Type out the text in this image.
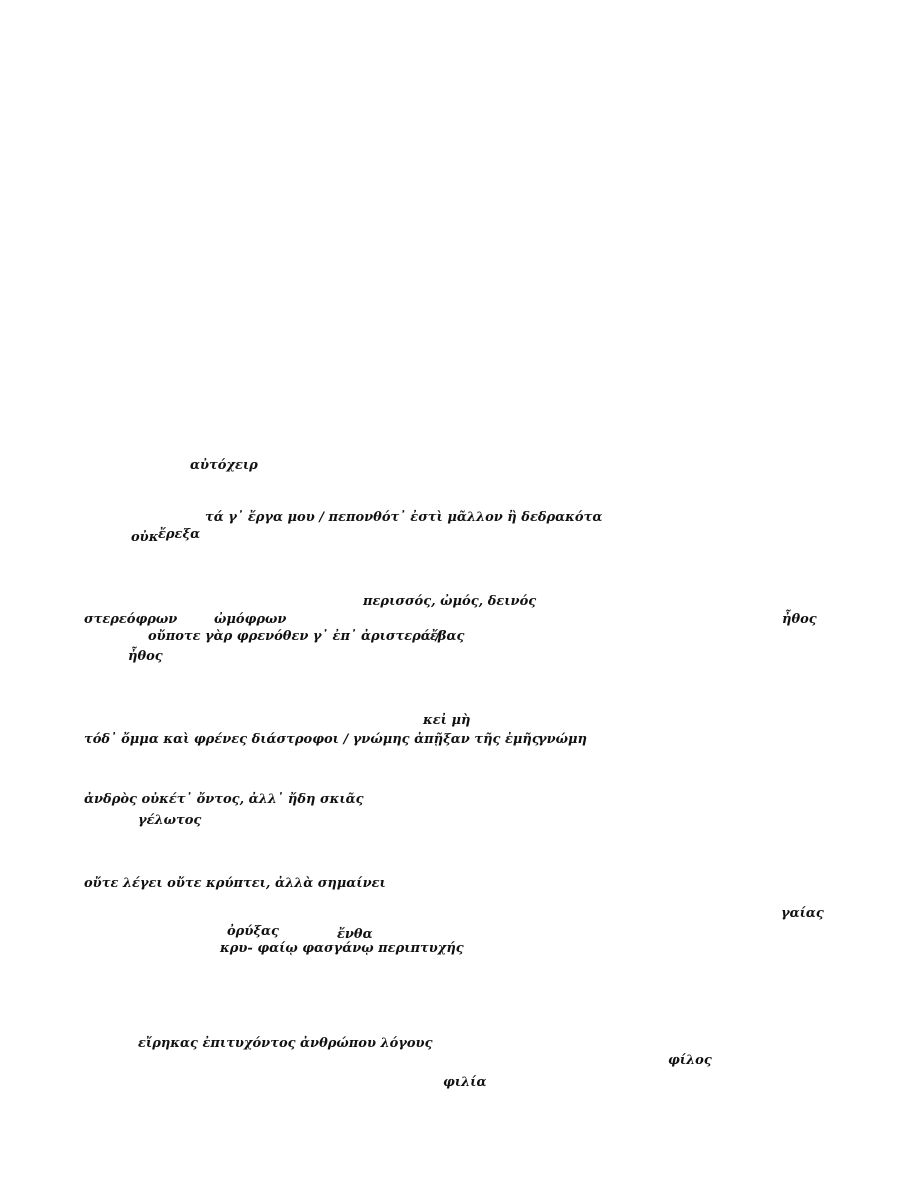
αὐτόχειρ
τά γ᾽ ἔργα μου / πεπονθότ᾽ ἐστὶ μᾶλλον ἢ δεδρακότα
οὐκ ἔρεξα
περισσός, ὠμός, δεινός
στερεόφρων	ὠμόφρων	ἦθος
οὔποτε γὰρ φρενόθεν γ᾽ ἐπ᾽ ἀριστερά /
ἔβας
ἦθος
κεἰ μὴ
τόδ᾽ ὄμμα καὶ φρένες διάστροφοι / γνώμης ἀπῇξαν τῆς ἐμῆς
γνώμη
ἀνδρὸς οὐκέτ᾽ ὄντος, ἀλλ᾽ ἤδη σκιᾶς
γέλωτος
οὔτε λέγει οὔτε κρύπτει, ἀλλὰ σημαίνει
γαίας
ὀρύξας	ἔνθα
κρυ- φαίῳ φασγάνῳ περιπτυχής
εἴρηκας ἐπιτυχόντος ἀνθρώπου λόγους
φίλος
φιλία
